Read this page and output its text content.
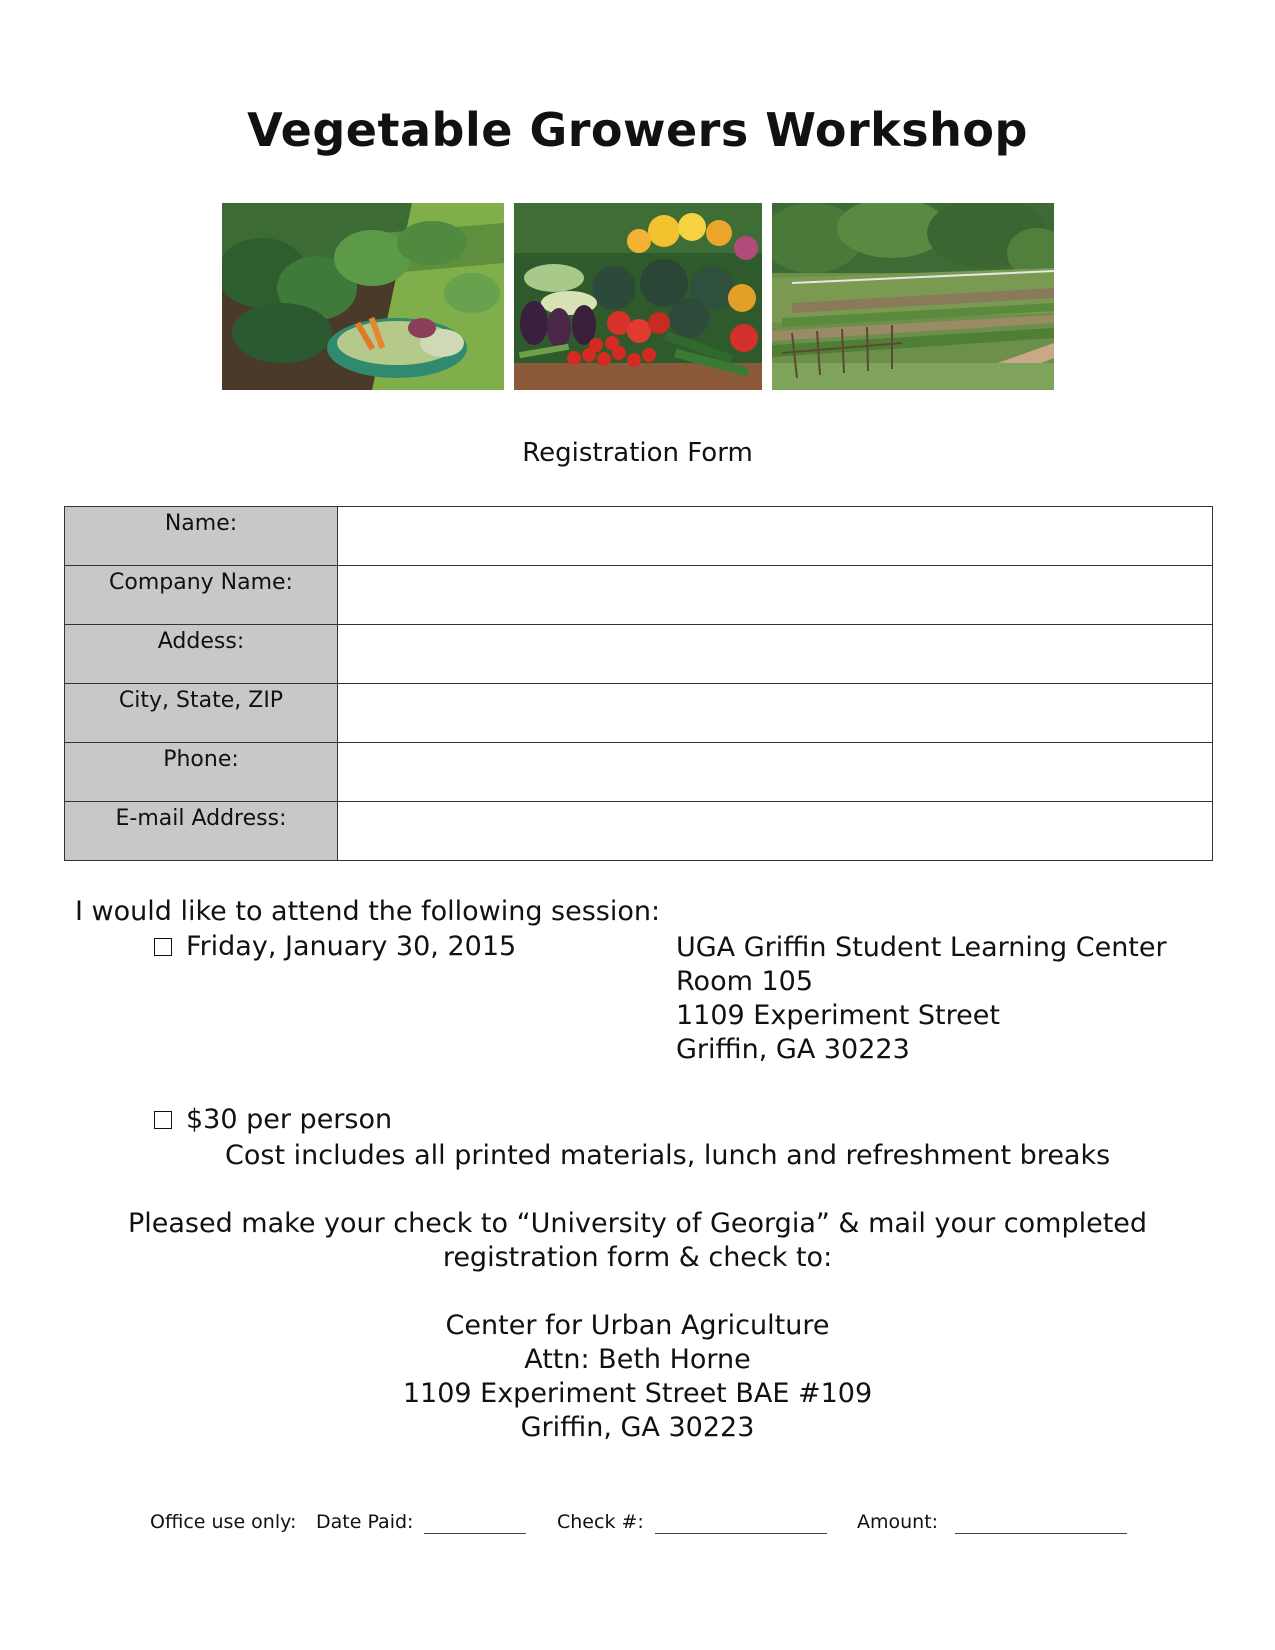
Vegetable Growers Workshop
Registration Form
Name:	
Company Name:	
Addess:	
City, State, ZIP	
Phone:	
E-mail Address:	
I would like to attend the following session:
Friday, January 30, 2015	UGA Griffin Student Learning Center
Room 105
1109 Experiment Street
Griffin, GA 30223
$30 per person
Cost includes all printed materials, lunch and refreshment breaks
Pleased make your check to “University of Georgia” & mail your completed
registration form & check to:
Center for Urban Agriculture
Attn: Beth Horne
1109 Experiment Street BAE #109
Griffin, GA 30223
Office use only: Date Paid:	Check #:	Amount:
